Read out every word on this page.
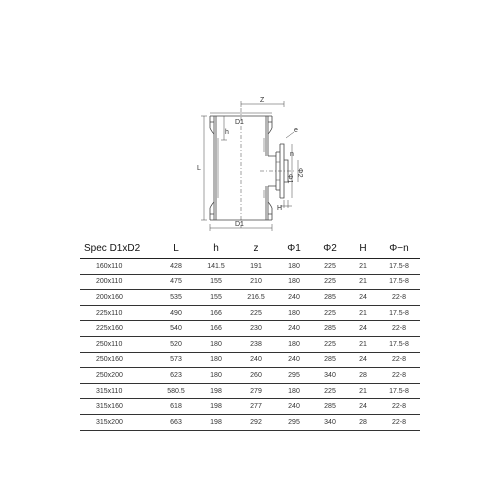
Z
D1
h
L
D1
H
e
Φ1
Φ2
n
Spec D1xD2	L	h	z	Φ1	Φ2	H	Φ−n
160x110	428	141.5	191	180	225	21	17.5-8
200x110	475	155	210	180	225	21	17.5-8
200x160	535	155	216.5	240	285	24	22-8
225x110	490	166	225	180	225	21	17.5-8
225x160	540	166	230	240	285	24	22-8
250x110	520	180	238	180	225	21	17.5-8
250x160	573	180	240	240	285	24	22-8
250x200	623	180	260	295	340	28	22-8
315x110	580.5	198	279	180	225	21	17.5-8
315x160	618	198	277	240	285	24	22-8
315x200	663	198	292	295	340	28	22-8
